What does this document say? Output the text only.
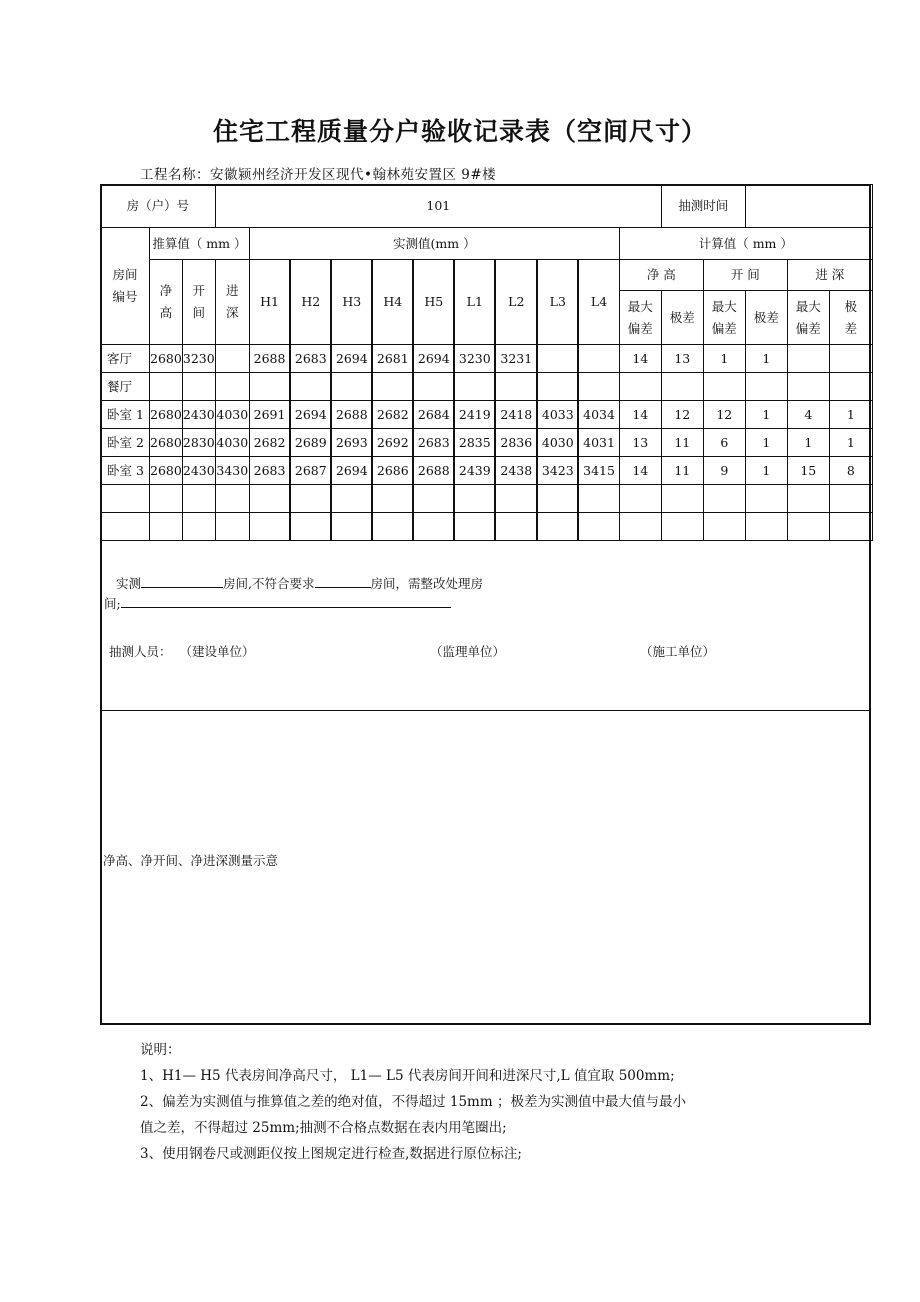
住宅工程质量分户验收记录表（空间尺寸）
工程名称：安徽颍州经济开发区现代•翰林苑安置区 9#楼
房（户）号			101											抽测时间				
房间编号	推算值（ mm ）			实测值(mm ）									计算值（ mm ）					
	净高	开间	进深	H1	H2	H3	H4	H5	L1	L2	L3	L4	净 高		开 间		进 深	
													最大偏差	极差	最大偏差	极差	最大偏差	极差
客厅	2680	3230		2688	2683	2694	2681	2694	3230	3231			14	13	1	1		
餐厅																		
卧室 1	2680	2430	4030	2691	2694	2688	2682	2684	2419	2418	4033	4034	14	12	12	1	4	1
卧室 2	2680	2830	4030	2682	2689	2693	2692	2683	2835	2836	4030	4031	13	11	6	1	1	1
卧室 3	2680	2430	3430	2683	2687	2694	2686	2688	2439	2438	3423	3415	14	11	9	1	15	8

实测	房间,不符合要求	房间，需整改处理房
间;
抽测人员： （建设单位）	（监理单位）	（施工单位）
净高、净开间、净进深测量示意
说明：
1、H1— H5 代表房间净高尺寸， L1— L5 代表房间开间和进深尺寸,L 值宜取 500mm;
2、偏差为实测值与推算值之差的绝对值，不得超过 15mm ；极差为实测值中最大值与最小
值之差，不得超过 25mm;抽测不合格点数据在表内用笔圈出;
3、使用钢卷尺或测距仪按上图规定进行检查,数据进行原位标注;
